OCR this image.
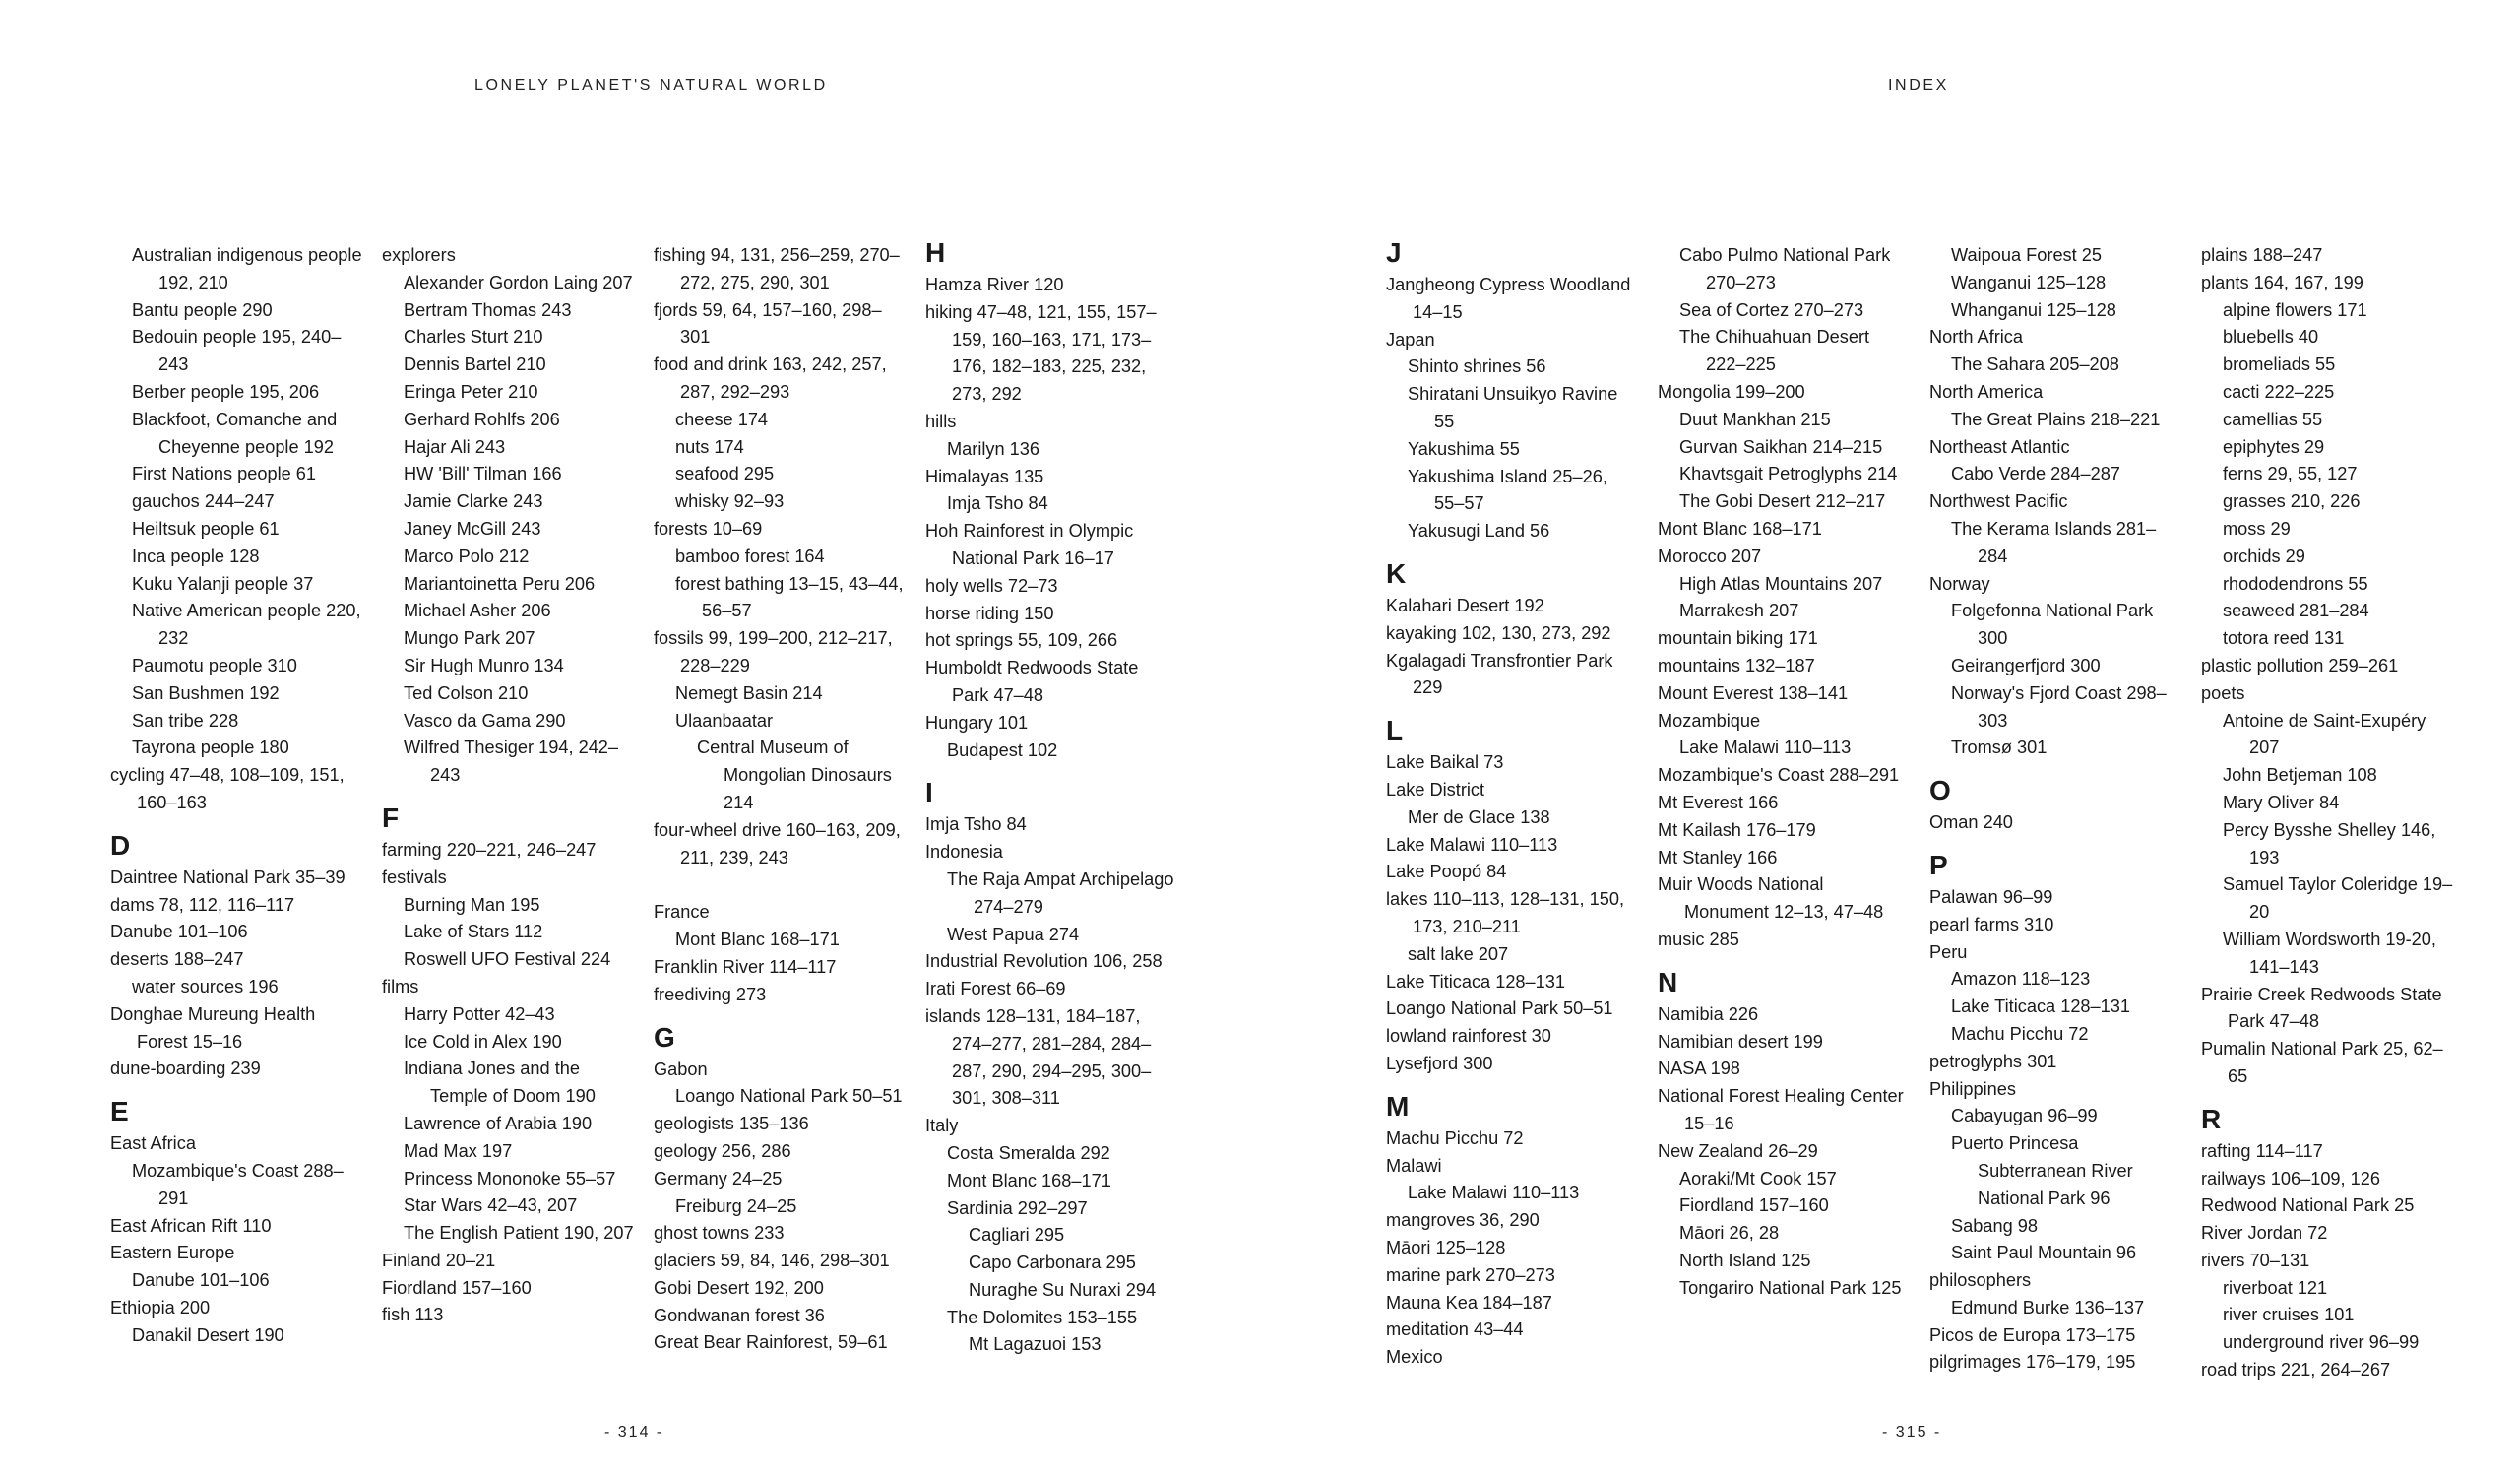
LONELY PLANET'S NATURAL WORLD	INDEX
Australian indigenous people 192, 210
Bantu people 290
Bedouin people 195, 240–243
Berber people 195, 206
Blackfoot, Comanche and Cheyenne people 192
First Nations people 61
gauchos 244–247
Heiltsuk people 61
Inca people 128
Kuku Yalanji people 37
Native American people 220, 232
Paumotu people 310
San Bushmen 192
San tribe 228
Tayrona people 180
cycling 47–48, 108–109, 151, 160–163
D
Daintree National Park 35–39
dams 78, 112, 116–117
Danube 101–106
deserts 188–247
water sources 196
Donghae Mureung Health Forest 15–16
dune-boarding 239
E
East Africa
Mozambique's Coast 288–291
East African Rift 110
Eastern Europe
Danube 101–106
Ethiopia 200
Danakil Desert 190
explorers
Alexander Gordon Laing 207
Bertram Thomas 243
Charles Sturt 210
Dennis Bartel 210
Eringa Peter 210
Gerhard Rohlfs 206
Hajar Ali 243
HW 'Bill' Tilman 166
Jamie Clarke 243
Janey McGill 243
Marco Polo 212
Mariantoinetta Peru 206
Michael Asher 206
Mungo Park 207
Sir Hugh Munro 134
Ted Colson 210
Vasco da Gama 290
Wilfred Thesiger 194, 242–243
F
farming 220–221, 246–247
festivals
Burning Man 195
Lake of Stars 112
Roswell UFO Festival 224
films
Harry Potter 42–43
Ice Cold in Alex 190
Indiana Jones and the Temple of Doom 190
Lawrence of Arabia 190
Mad Max 197
Princess Mononoke 55–57
Star Wars 42–43, 207
The English Patient 190, 207
Finland 20–21
Fiordland 157–160
fish 113
fishing 94, 131, 256–259, 270–272, 275, 290, 301
fjords 59, 64, 157–160, 298–301
food and drink 163, 242, 257, 287, 292–293
cheese 174
nuts 174
seafood 295
whisky 92–93
forests 10–69
bamboo forest 164
forest bathing 13–15, 43–44, 56–57
fossils 99, 199–200, 212–217, 228–229
Nemegt Basin 214
Ulaanbaatar
Central Museum of Mongolian Dinosaurs 214
four-wheel drive 160–163, 209, 211, 239, 243
France
Mont Blanc 168–171
Franklin River 114–117
freediving 273
G
Gabon
Loango National Park 50–51
geologists 135–136
geology 256, 286
Germany 24–25
Freiburg 24–25
ghost towns 233
glaciers 59, 84, 146, 298–301
Gobi Desert 192, 200
Gondwanan forest 36
Great Bear Rainforest, 59–61
H
Hamza River 120
hiking 47–48, 121, 155, 157–159, 160–163, 171, 173–176, 182–183, 225, 232, 273, 292
hills
Marilyn 136
Himalayas 135
Imja Tsho 84
Hoh Rainforest in Olympic National Park 16–17
holy wells 72–73
horse riding 150
hot springs 55, 109, 266
Humboldt Redwoods State Park 47–48
Hungary 101
Budapest 102
I
Imja Tsho 84
Indonesia
The Raja Ampat Archipelago 274–279
West Papua 274
Industrial Revolution 106, 258
Irati Forest 66–69
islands 128–131, 184–187, 274–277, 281–284, 284–287, 290, 294–295, 300–301, 308–311
Italy
Costa Smeralda 292
Mont Blanc 168–171
Sardinia 292–297
Cagliari 295
Capo Carbonara 295
Nuraghe Su Nuraxi 294
The Dolomites 153–155
Mt Lagazuoi 153
J
Jangheong Cypress Woodland 14–15
Japan
Shinto shrines 56
Shiratani Unsuikyo Ravine 55
Yakushima 55
Yakushima Island 25–26, 55–57
Yakusugi Land 56
K
Kalahari Desert 192
kayaking 102, 130, 273, 292
Kgalagadi Transfrontier Park 229
L
Lake Baikal 73
Lake District
Mer de Glace 138
Lake Malawi 110–113
Lake Poopó 84
lakes 110–113, 128–131, 150, 173, 210–211
salt lake 207
Lake Titicaca 128–131
Loango National Park 50–51
lowland rainforest 30
Lysefjord 300
M
Machu Picchu 72
Malawi
Lake Malawi 110–113
mangroves 36, 290
Māori 125–128
marine park 270–273
Mauna Kea 184–187
meditation 43–44
Mexico
Cabo Pulmo National Park 270–273
Sea of Cortez 270–273
The Chihuahuan Desert 222–225
Mongolia 199–200
Duut Mankhan 215
Gurvan Saikhan 214–215
Khavtsgait Petroglyphs 214
The Gobi Desert 212–217
Mont Blanc 168–171
Morocco 207
High Atlas Mountains 207
Marrakesh 207
mountain biking 171
mountains 132–187
Mount Everest 138–141
Mozambique
Lake Malawi 110–113
Mozambique's Coast 288–291
Mt Everest 166
Mt Kailash 176–179
Mt Stanley 166
Muir Woods National Monument 12–13, 47–48
music 285
N
Namibia 226
Namibian desert 199
NASA 198
National Forest Healing Center 15–16
New Zealand 26–29
Aoraki/Mt Cook 157
Fiordland 157–160
Māori 26, 28
North Island 125
Tongariro National Park 125
Waipoua Forest 25
Wanganui 125–128
Whanganui 125–128
North Africa
The Sahara 205–208
North America
The Great Plains 218–221
Northeast Atlantic
Cabo Verde 284–287
Northwest Pacific
The Kerama Islands 281–284
Norway
Folgefonna National Park 300
Geirangerfjord 300
Norway's Fjord Coast 298–303
Tromsø 301
O
Oman 240
P
Palawan 96–99
pearl farms 310
Peru
Amazon 118–123
Lake Titicaca 128–131
Machu Picchu 72
petroglyphs 301
Philippines
Cabayugan 96–99
Puerto Princesa Subterranean River National Park 96
Sabang 98
Saint Paul Mountain 96
philosophers
Edmund Burke 136–137
Picos de Europa 173–175
pilgrimages 176–179, 195
plains 188–247
plants 164, 167, 199
alpine flowers 171
bluebells 40
bromeliads 55
cacti 222–225
camellias 55
epiphytes 29
ferns 29, 55, 127
grasses 210, 226
moss 29
orchids 29
rhododendrons 55
seaweed 281–284
totora reed 131
plastic pollution 259–261
poets
Antoine de Saint-Exupéry 207
John Betjeman 108
Mary Oliver 84
Percy Bysshe Shelley 146, 193
Samuel Taylor Coleridge 19–20
William Wordsworth 19-20, 141–143
Prairie Creek Redwoods State Park 47–48
Pumalin National Park 25, 62–65
R
rafting 114–117
railways 106–109, 126
Redwood National Park 25
River Jordan 72
rivers 70–131
riverboat 121
river cruises 101
underground river 96–99
road trips 221, 264–267
- 314 -	- 315 -
